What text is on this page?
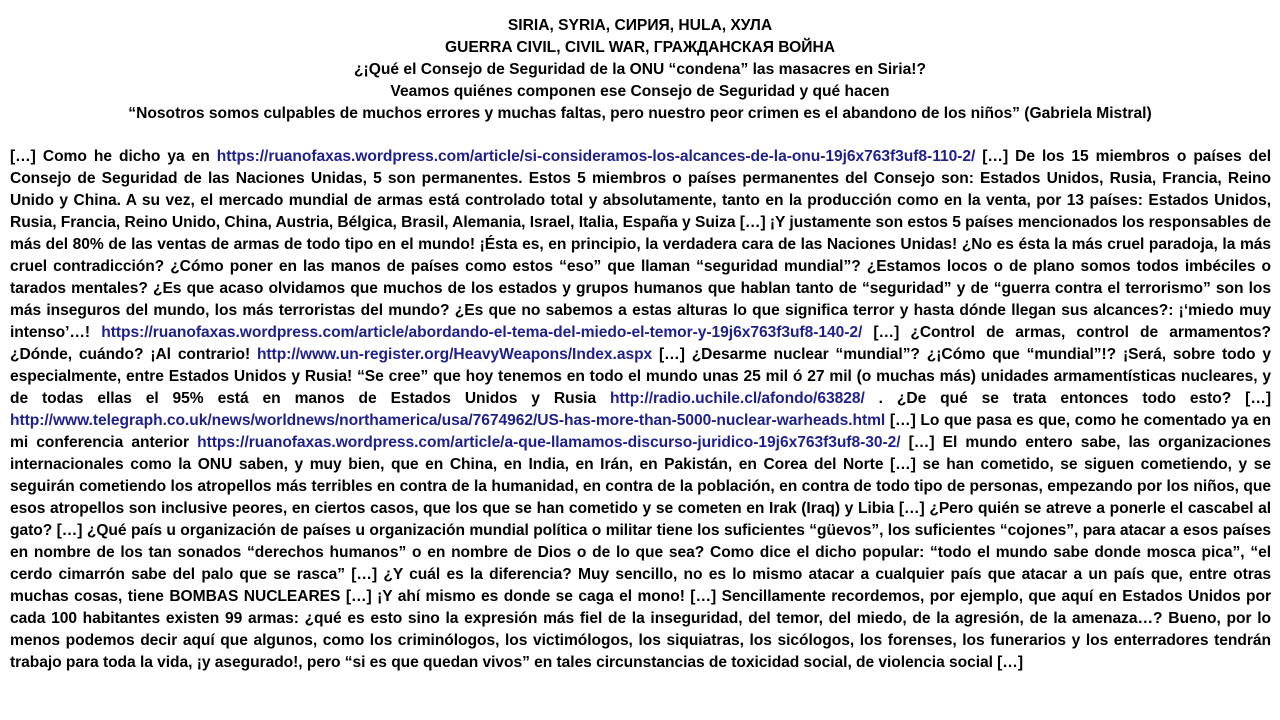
SIRIA, SYRIA, СИРИЯ, HULA, ХУЛА
GUERRA CIVIL, CIVIL WAR, ГРАЖДАНСКАЯ ВОЙНА
¿¡Qué el Consejo de Seguridad de la ONU “condena” las masacres en Siria!?
Veamos quiénes componen ese Consejo de Seguridad y qué hacen
“Nosotros somos culpables de muchos errores y muchas faltas, pero nuestro peor crimen es el abandono de los niños” (Gabriela Mistral)
[…] Como he dicho ya en https://ruanofaxas.wordpress.com/article/si-consideramos-los-alcances-de-la-onu-19j6x763f3uf8-110-2/ […] De los 15 miembros o países del Consejo de Seguridad de las Naciones Unidas, 5 son permanentes. Estos 5 miembros o países permanentes del Consejo son: Estados Unidos, Rusia, Francia, Reino Unido y China. A su vez, el mercado mundial de armas está controlado total y absolutamente, tanto en la producción como en la venta, por 13 países: Estados Unidos, Rusia, Francia, Reino Unido, China, Austria, Bélgica, Brasil, Alemania, Israel, Italia, España y Suiza […] ¡Y justamente son estos 5 países mencionados los responsables de más del 80% de las ventas de armas de todo tipo en el mundo! ¡Ésta es, en principio, la verdadera cara de las Naciones Unidas! ¿No es ésta la más cruel paradoja, la más cruel contradicción? ¿Cómo poner en las manos de países como estos “eso” que llaman “seguridad mundial”? ¿Estamos locos o de plano somos todos imbéciles o tarados mentales? ¿Es que acaso olvidamos que muchos de los estados y grupos humanos que hablan tanto de “seguridad” y de “guerra contra el terrorismo” son los más inseguros del mundo, los más terroristas del mundo? ¿Es que no sabemos a estas alturas lo que significa terror y hasta dónde llegan sus alcances?: ¡‘miedo muy intenso’…! https://ruanofaxas.wordpress.com/article/abordando-el-tema-del-miedo-el-temor-y-19j6x763f3uf8-140-2/ […] ¿Control de armas, control de armamentos? ¿Dónde, cuándo? ¡Al contrario! http://www.un-register.org/HeavyWeapons/Index.aspx […] ¿Desarme nuclear “mundial”? ¿¡Cómo que “mundial”!? ¡Será, sobre todo y especialmente, entre Estados Unidos y Rusia! “Se cree” que hoy tenemos en todo el mundo unas 25 mil ó 27 mil (o muchas más) unidades armamentísticas nucleares, y de todas ellas el 95% está en manos de Estados Unidos y Rusia http://radio.uchile.cl/afondo/63828/ . ¿De qué se trata entonces todo esto? […] http://www.telegraph.co.uk/news/worldnews/northamerica/usa/7674962/US-has-more-than-5000-nuclear-warheads.html […] Lo que pasa es que, como he comentado ya en mi conferencia anterior https://ruanofaxas.wordpress.com/article/a-que-llamamos-discurso-juridico-19j6x763f3uf8-30-2/ […] El mundo entero sabe, las organizaciones internacionales como la ONU saben, y muy bien, que en China, en India, en Irán, en Pakistán, en Corea del Norte […] se han cometido, se siguen cometiendo, y se seguirán cometiendo los atropellos más terribles en contra de la humanidad, en contra de la población, en contra de todo tipo de personas, empezando por los niños, que esos atropellos son inclusive peores, en ciertos casos, que los que se han cometido y se cometen en Irak (Iraq) y Libia […] ¿Pero quién se atreve a ponerle el cascabel al gato? […] ¿Qué país u organización de países u organización mundial política o militar tiene los suficientes “güevos”, los suficientes “cojones”, para atacar a esos países en nombre de los tan sonados “derechos humanos” o en nombre de Dios o de lo que sea? Como dice el dicho popular: “todo el mundo sabe donde mosca pica”, “el cerdo cimarrón sabe del palo que se rasca” […] ¿Y cuál es la diferencia? Muy sencillo, no es lo mismo atacar a cualquier país que atacar a un país que, entre otras muchas cosas, tiene BOMBAS NUCLEARES […] ¡Y ahí mismo es donde se caga el mono! […] Sencillamente recordemos, por ejemplo, que aquí en Estados Unidos por cada 100 habitantes existen 99 armas: ¿qué es esto sino la expresión más fiel de la inseguridad, del temor, del miedo, de la agresión, de la amenaza…? Bueno, por lo menos podemos decir aquí que algunos, como los criminólogos, los victimólogos, los siquiatras, los sicólogos, los forenses, los funerarios y los enterradores tendrán trabajo para toda la vida, ¡y asegurado!, pero “si es que quedan vivos” en tales circunstancias de toxicidad social, de violencia social […]
